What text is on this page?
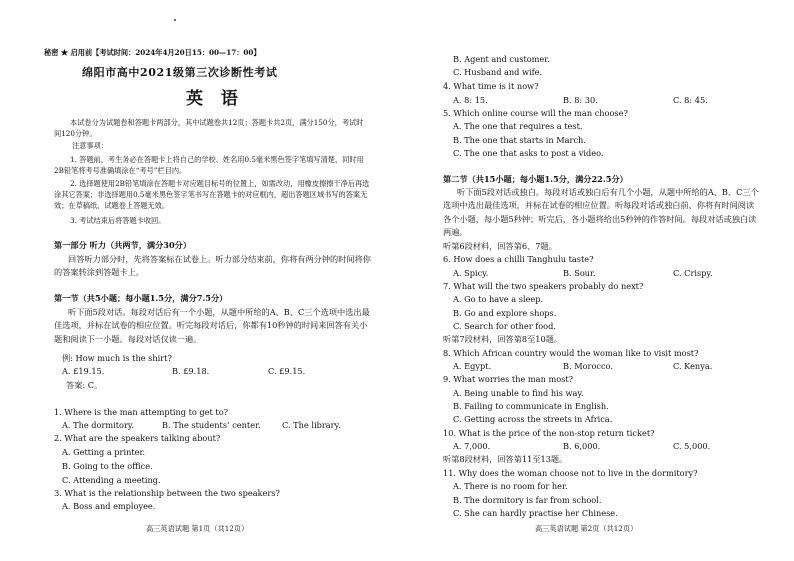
秘密 ★ 启用前【考试时间：2024年4月20日15：00—17：00】
绵阳市高中2021级第三次诊断性考试
英 语
本试卷分为试题卷和答题卡两部分，其中试题卷共12页；答题卡共2页，满分150分，考试时间120分钟。
注意事项：
1. 答题前，考生务必在答题卡上将自己的学校、姓名用0.5毫米黑色签字笔填写清楚，同时用2B铅笔将考号准确填涂在“考号”栏目内。
2. 选择题使用2B铅笔填涂在答题卡对应题目标号的位置上，如需改动，用橡皮擦擦干净后再选涂其它答案；非选择题用0.5毫米黑色签字笔书写在答题卡的对应框内，超出答题区域书写的答案无效；在草稿纸、试题卷上答题无效。
3. 考试结束后将答题卡收回。
第一部分 听力（共两节，满分30分）
回答听力部分时，先将答案标在试卷上。听力部分结束前，你将有两分钟的时间将你的答案转涂到答题卡上。
第一节（共5小题；每小题1.5分，满分7.5分）
听下面5段对话。每段对话后有一个小题，从题中所给的A、B、C三个选项中选出最佳选项，并标在试卷的相应位置。听完每段对话后，你都有10秒钟的时间来回答有关小题和阅读下一小题。每段对话仅读一遍。
例: How much is the shirt?
A. £19.15.	B. £9.18.	C. £9.15.
答案: C。
1. Where is the man attempting to get to?
A. The dormitory.	B. The students’ center.	C. The library.
2. What are the speakers talking about?
A. Getting a printer.
B. Going to the office.
C. Attending a meeting.
3. What is the relationship between the two speakers?
A. Boss and employee.
高三英语试题 第1页（共12页）
B. Agent and customer.
C. Husband and wife.
4. What time is it now?
A. 8: 15.	B. 8: 30.	C. 8: 45.
5. Which online course will the man choose?
A. The one that requires a test.
B. The one that starts in March.
C. The one that asks to post a video.
第二节（共15小题；每小题1.5分，满分22.5分）
听下面5段对话或独白。每段对话或独白后有几个小题，从题中所给的A、B、C三个选项中选出最佳选项，并标在试卷的相应位置。听每段对话或独白前，你将有时间阅读各个小题，每小题5秒钟；听完后，各小题将给出5秒钟的作答时间。每段对话或独白读两遍。
听第6段材料，回答第6、7题。
6. How does a chilli Tanghulu taste?
A. Spicy.	B. Sour.	C. Crispy.
7. What will the two speakers probably do next?
A. Go to have a sleep.
B. Go and explore shops.
C. Search for other food.
听第7段材料，回答第8至10题。
8. Which African country would the woman like to visit most?
A. Egypt.	B. Morocco.	C. Kenya.
9. What worries the man most?
A. Being unable to find his way.
B. Failing to communicate in English.
C. Getting across the streets in Africa.
10. What is the price of the non-stop return ticket?
A. 7,000.	B. 6,000.	C. 5,000.
听第8段材料，回答第11至13题。
11. Why does the woman choose not to live in the dormitory?
A. There is no room for her.
B. The dormitory is far from school.
C. She can hardly practise her Chinese.
高三英语试题 第2页（共12页）
